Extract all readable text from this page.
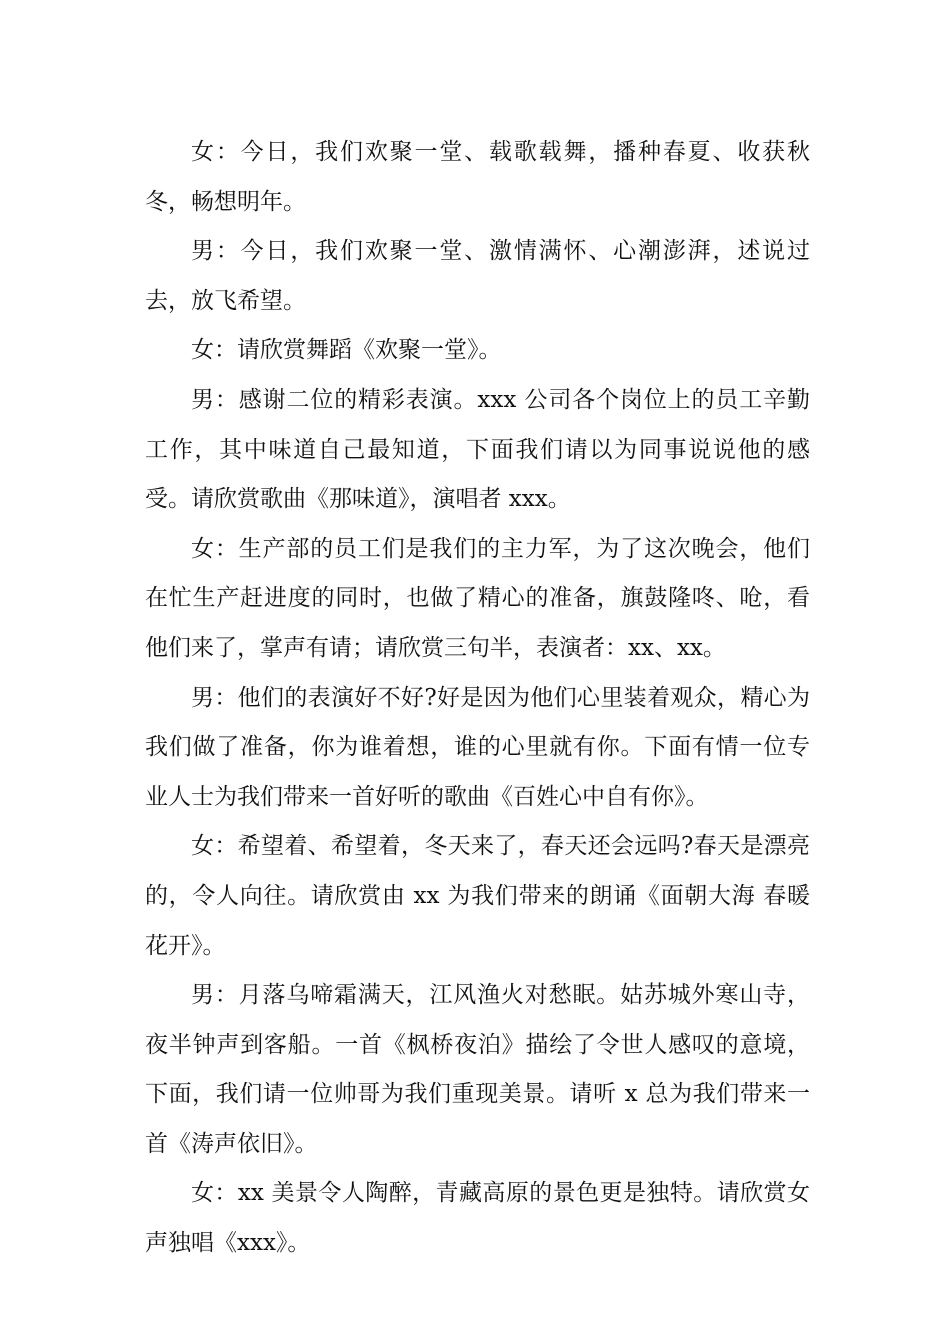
女：今日，我们欢聚一堂、载歌载舞，播种春夏、收获秋冬，畅想明年。

男：今日，我们欢聚一堂、激情满怀、心潮澎湃，述说过去，放飞希望。

女：请欣赏舞蹈《欢聚一堂》。

男：感谢二位的精彩表演。xxx 公司各个岗位上的员工辛勤工作，其中味道自己最知道，下面我们请以为同事说说他的感受。请欣赏歌曲《那味道》，演唱者 xxx。

女：生产部的员工们是我们的主力军，为了这次晚会，他们在忙生产赶进度的同时，也做了精心的准备，旗鼓隆咚、呛，看他们来了，掌声有请；请欣赏三句半，表演者：xx、xx。

男：他们的表演好不好?好是因为他们心里装着观众，精心为我们做了准备，你为谁着想，谁的心里就有你。下面有情一位专业人士为我们带来一首好听的歌曲《百姓心中自有你》。

女：希望着、希望着，冬天来了，春天还会远吗?春天是漂亮的，令人向往。请欣赏由 xx 为我们带来的朗诵《面朝大海 春暖花开》。

男：月落乌啼霜满天，江风渔火对愁眠。姑苏城外寒山寺，夜半钟声到客船。一首《枫桥夜泊》描绘了令世人感叹的意境，下面，我们请一位帅哥为我们重现美景。请听 x 总为我们带来一首《涛声依旧》。

女：xx 美景令人陶醉，青藏高原的景色更是独特。请欣赏女声独唱《xxx》。
